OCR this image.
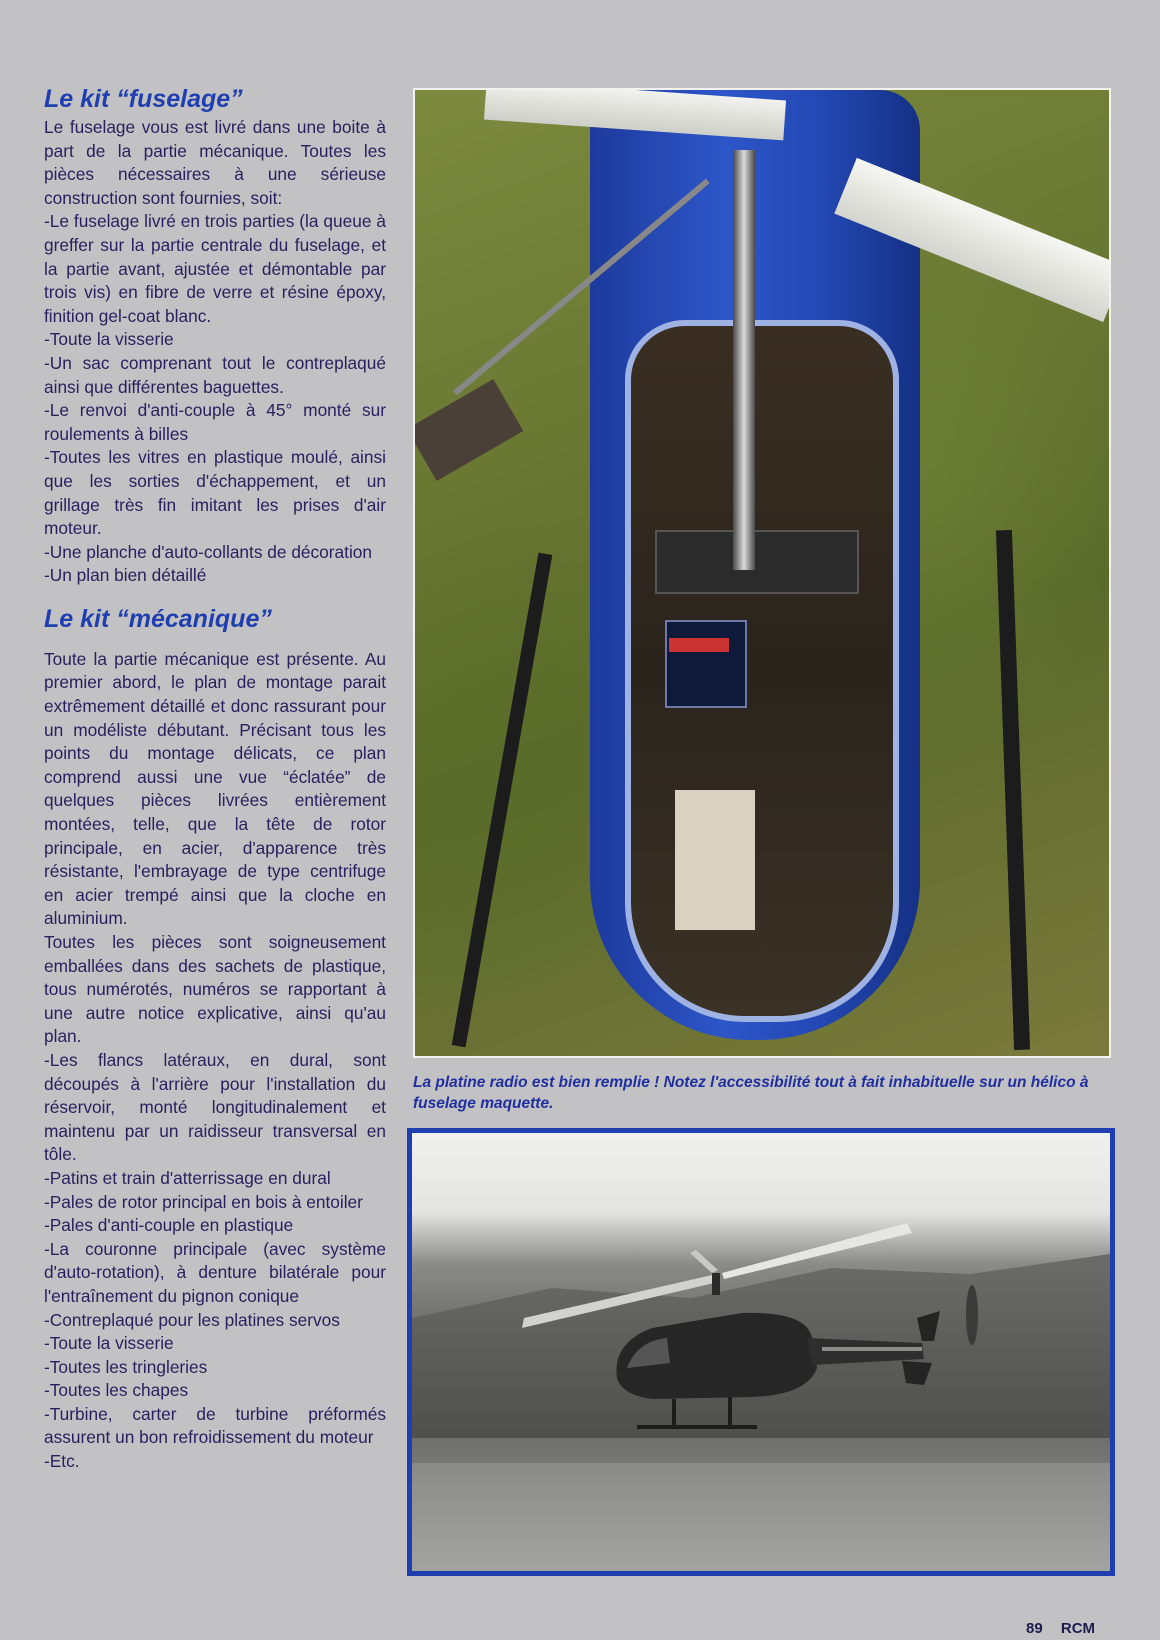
Le kit “fuselage”

Le fuselage vous est livré dans une boite à part de la partie mécanique. Toutes les pièces nécessaires à une sérieuse construction sont fournies, soit:

-Le fuselage livré en trois parties (la queue à greffer sur la partie centrale du fuselage, et la partie avant, ajustée et démontable par trois vis) en fibre de verre et résine époxy, finition gel-coat blanc.
-Toute la visserie
-Un sac comprenant tout le contreplaqué ainsi que différentes baguettes.
-Le renvoi d'anti-couple à 45° monté sur roulements à billes
-Toutes les vitres en plastique moulé, ainsi que les sorties d'échappement, et un grillage très fin imitant les prises d'air moteur.
-Une planche d'auto-collants de décoration
-Un plan bien détaillé
Le kit “mécanique”

Toute la partie mécanique est présente. Au premier abord, le plan de montage parait extrêmement détaillé et donc rassurant pour un modéliste débutant. Précisant tous les points du montage délicats, ce plan comprend aussi une vue “éclatée” de quelques pièces livrées entièrement montées, telle, que la tête de rotor principale, en acier, d'apparence très résistante, l'embrayage de type centrifuge en acier trempé ainsi que la cloche en aluminium.

Toutes les pièces sont soigneusement emballées dans des sachets de plastique, tous numérotés, numéros se rapportant à une autre notice explicative, ainsi qu'au plan.

-Les flancs latéraux, en dural, sont découpés à l'arrière pour l'installation du réservoir, monté longitudinalement et maintenu par un raidisseur transversal en tôle.
-Patins et train d'atterrissage en dural
-Pales de rotor principal en bois à entoiler
-Pales d'anti-couple en plastique
-La couronne principale (avec système d'auto-rotation), à denture bilatérale pour l'entraînement du pignon conique
-Contreplaqué pour les platines servos
-Toute la visserie
-Toutes les tringleries
-Toutes les chapes
-Turbine, carter de turbine préformés assurent un bon refroidissement du moteur
-Etc.

La platine radio est bien remplie ! Notez l'accessibilité tout à fait inhabituelle sur un hélico à fuselage maquette.

89 RCM
